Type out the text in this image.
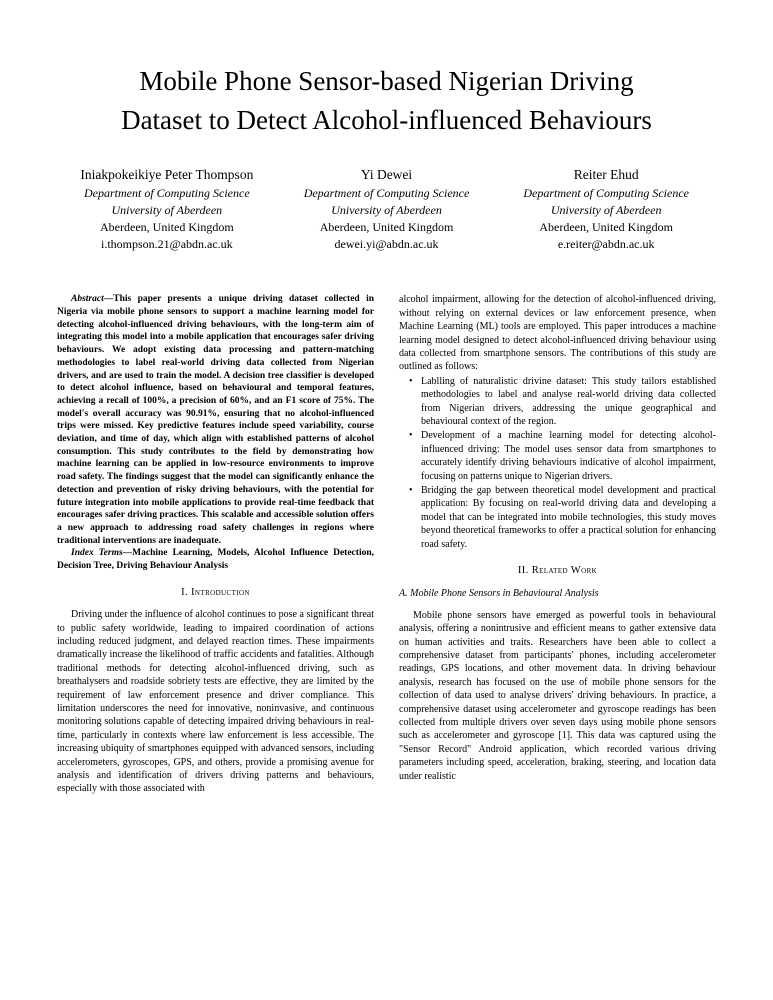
Mobile Phone Sensor-based Nigerian Driving
Dataset to Detect Alcohol-influenced Behaviours
Iniakpokeikiye Peter Thompson
Department of Computing Science
University of Aberdeen
Aberdeen, United Kingdom
i.thompson.21@abdn.ac.uk
Yi Dewei
Department of Computing Science
University of Aberdeen
Aberdeen, United Kingdom
dewei.yi@abdn.ac.uk
Reiter Ehud
Department of Computing Science
University of Aberdeen
Aberdeen, United Kingdom
e.reiter@abdn.ac.uk

Abstract—This paper presents a unique driving dataset collected in Nigeria via mobile phone sensors to support a machine learning model for detecting alcohol-influenced driving behaviours, with the long-term aim of integrating this model into a mobile application that encourages safer driving behaviours. We adopt existing data processing and pattern-matching methodologies to label real-world driving data collected from Nigerian drivers, and are used to train the model. A decision tree classifier is developed to detect alcohol influence, based on behavioural and temporal features, achieving a recall of 100%, a precision of 60%, and an F1 score of 75%. The model's overall accuracy was 90.91%, ensuring that no alcohol-influenced trips were missed. Key predictive features include speed variability, course deviation, and time of day, which align with established patterns of alcohol consumption. This study contributes to the field by demonstrating how machine learning can be applied in low-resource environments to improve road safety. The findings suggest that the model can significantly enhance the detection and prevention of risky driving behaviours, with the potential for future integration into mobile applications to provide real-time feedback that encourages safer driving practices. This scalable and accessible solution offers a new approach to addressing road safety challenges in regions where traditional interventions are inadequate.

Index Terms—Machine Learning, Models, Alcohol Influence Detection, Decision Tree, Driving Behaviour Analysis

I. Introduction

Driving under the influence of alcohol continues to pose a significant threat to public safety worldwide, leading to impaired coordination of actions including reduced judgment, and delayed reaction times. These impairments dramatically increase the likelihood of traffic accidents and fatalities. Although traditional methods for detecting alcohol-influenced driving, such as breathalysers and roadside sobriety tests are effective, they are limited by the requirement of law enforcement presence and driver compliance. This limitation underscores the need for innovative, noninvasive, and continuous monitoring solutions capable of detecting impaired driving behaviours in real-time, particularly in contexts where law enforcement is less accessible. The increasing ubiquity of smartphones equipped with advanced sensors, including accelerometers, gyroscopes, GPS, and others, provide a promising avenue for analysis and identification of drivers driving patterns and behaviours, especially with those associated with

alcohol impairment, allowing for the detection of alcohol-influenced driving, without relying on external devices or law enforcement presence, when Machine Learning (ML) tools are employed. This paper introduces a machine learning model designed to detect alcohol-influenced driving behaviour using data collected from smartphone sensors. The contributions of this study are outlined as follows:

• Lablling of naturalistic drivine dataset: This study tailors established methodologies to label and analyse real-world driving data collected from Nigerian drivers, addressing the unique geographical and behavioural context of the region.
• Development of a machine learning model for detecting alcohol-influenced driving: The model uses sensor data from smartphones to accurately identify driving behaviours indicative of alcohol impairment, focusing on patterns unique to Nigerian drivers.
• Bridging the gap between theoretical model development and practical application: By focusing on real-world driving data and developing a model that can be integrated into mobile technologies, this study moves beyond theoretical frameworks to offer a practical solution for enhancing road safety.
II. Related Work
A. Mobile Phone Sensors in Behavioural Analysis

Mobile phone sensors have emerged as powerful tools in behavioural analysis, offering a nonintrusive and efficient means to gather extensive data on human activities and traits. Researchers have been able to collect a comprehensive dataset from participants' phones, including accelerometer readings, GPS locations, and other movement data. In driving behaviour analysis, research has focused on the use of mobile phone sensors for the collection of data used to analyse drivers' driving behaviours. In practice, a comprehensive dataset using accelerometer and gyroscope readings has been collected from multiple drivers over seven days using mobile phone sensors such as accelerometer and gyroscope [1]. This data was captured using the "Sensor Record" Android application, which recorded various driving parameters including speed, acceleration, braking, steering, and location data under realistic
